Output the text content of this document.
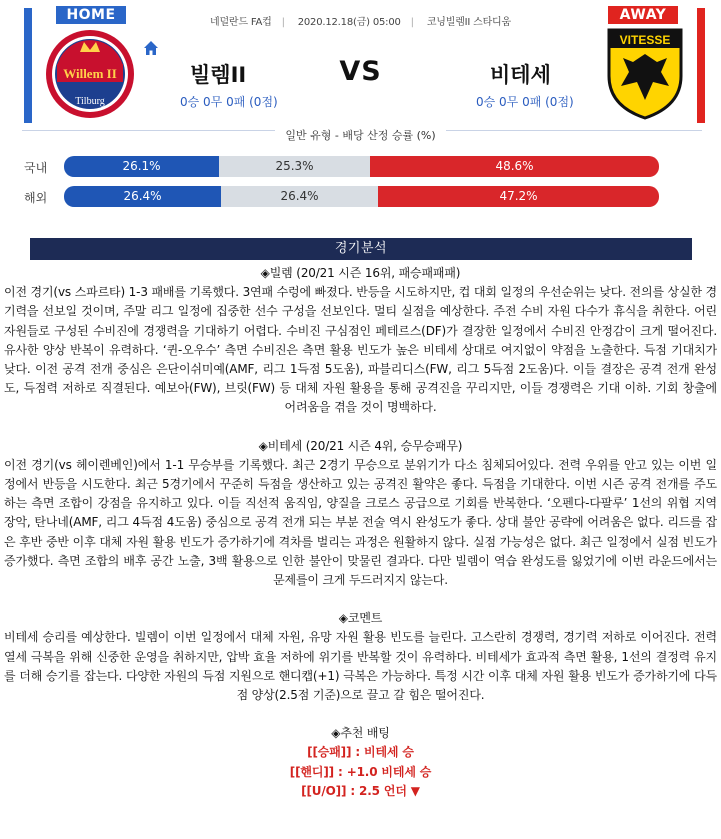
HOME	AWAY
Willem II
Tilburg
네덜란드 FA컵 | 2020.12.18(금) 05:00 | 코닝빌렘II 스타디움
빌렘II	VS	비테세
0승 0무 0패 (0점)	0승 0무 0패 (0점)
VITESSE
일반 유형 - 배당 산정 승률 (%)
국내	26.1%	25.3%	48.6%
해외	26.4%	26.4%	47.2%
경기분석

◈빌렘 (20/21 시즌 16위, 패승패패패)

이전 경기(vs 스파르타) 1-3 패배를 기록했다. 3연패 수렁에 빠졌다. 반등을 시도하지만, 컵 대회 일정의 우선순위는 낮다. 전의를 상실한 경기력을 선보일 것이며, 주말 리그 일정에 집중한 선수 구성을 선보인다. 멀티 실점을 예상한다. 주전 수비 자원 다수가 휴식을 취한다. 어린 자원들로 구성된 수비진에 경쟁력을 기대하기 어렵다. 수비진 구심점인 페테르스(DF)가 결장한 일정에서 수비진 안정감이 크게 떨어진다. 유사한 양상 반복이 유력하다. ‘퀸-오우수’ 측면 수비진은 측면 활용 빈도가 높은 비테세 상대로 여지없이 약점을 노출한다. 득점 기대치가 낮다. 이전 공격 전개 중심은 은단이쉬미예(AMF, 리그 1득점 5도움), 파블리디스(FW, 리그 5득점 2도움)다. 이들 결장은 공격 전개 완성도, 득점력 저하로 직결된다. 예보아(FW), 브릿(FW) 등 대체 자원 활용을 통해 공격진을 꾸리지만, 이들 경쟁력은 기대 이하. 기회 창출에 어려움을 겪을 것이 명백하다.

◈비테세 (20/21 시즌 4위, 승무승패무)

이전 경기(vs 헤이렌베인)에서 1-1 무승부를 기록했다. 최근 2경기 무승으로 분위기가 다소 침체되어있다. 전력 우위를 안고 있는 이번 일정에서 반등을 시도한다. 최근 5경기에서 꾸준히 득점을 생산하고 있는 공격진 활약은 좋다. 득점을 기대한다. 이번 시즌 공격 전개를 주도하는 측면 조합이 강점을 유지하고 있다. 이들 직선적 움직임, 양질을 크로스 공급으로 기회를 반복한다. ‘오펜다-다팔루’ 1선의 위협 지역 장악, 탄나네(AMF, 리그 4득점 4도움) 중심으로 공격 전개 되는 부분 전술 역시 완성도가 좋다. 상대 불안 공략에 어려움은 없다. 리드를 잡은 후반 중반 이후 대체 자원 활용 빈도가 증가하기에 격차를 벌리는 과정은 원활하지 않다. 실점 가능성은 없다. 최근 일정에서 실점 빈도가 증가했다. 측면 조합의 배후 공간 노출, 3백 활용으로 인한 불안이 맞물린 결과다. 다만 빌렘이 역습 완성도를 잃었기에 이번 라운드에서는 문제를이 크게 두드러지지 않는다.

◈코멘트

비테세 승리를 예상한다. 빌렘이 이번 일정에서 대체 자원, 유망 자원 활용 빈도를 늘린다. 고스란히 경쟁력, 경기력 저하로 이어진다. 전력 열세 극복을 위해 신중한 운영을 취하지만, 압박 효율 저하에 위기를 반복할 것이 유력하다. 비테세가 효과적 측면 활용, 1선의 결정력 유지를 더해 승기를 잡는다. 다양한 자원의 득점 지원으로 핸디캡(+1) 극복은 가능하다. 특정 시간 이후 대체 자원 활용 빈도가 증가하기에 다득점 양상(2.5점 기준)으로 끌고 갈 힘은 떨어진다.

◈추천 배팅

[[승패]] : 비테세 승

[[핸디]] : +1.0 비테세 승

[[U/O]] : 2.5 언더 ▼
